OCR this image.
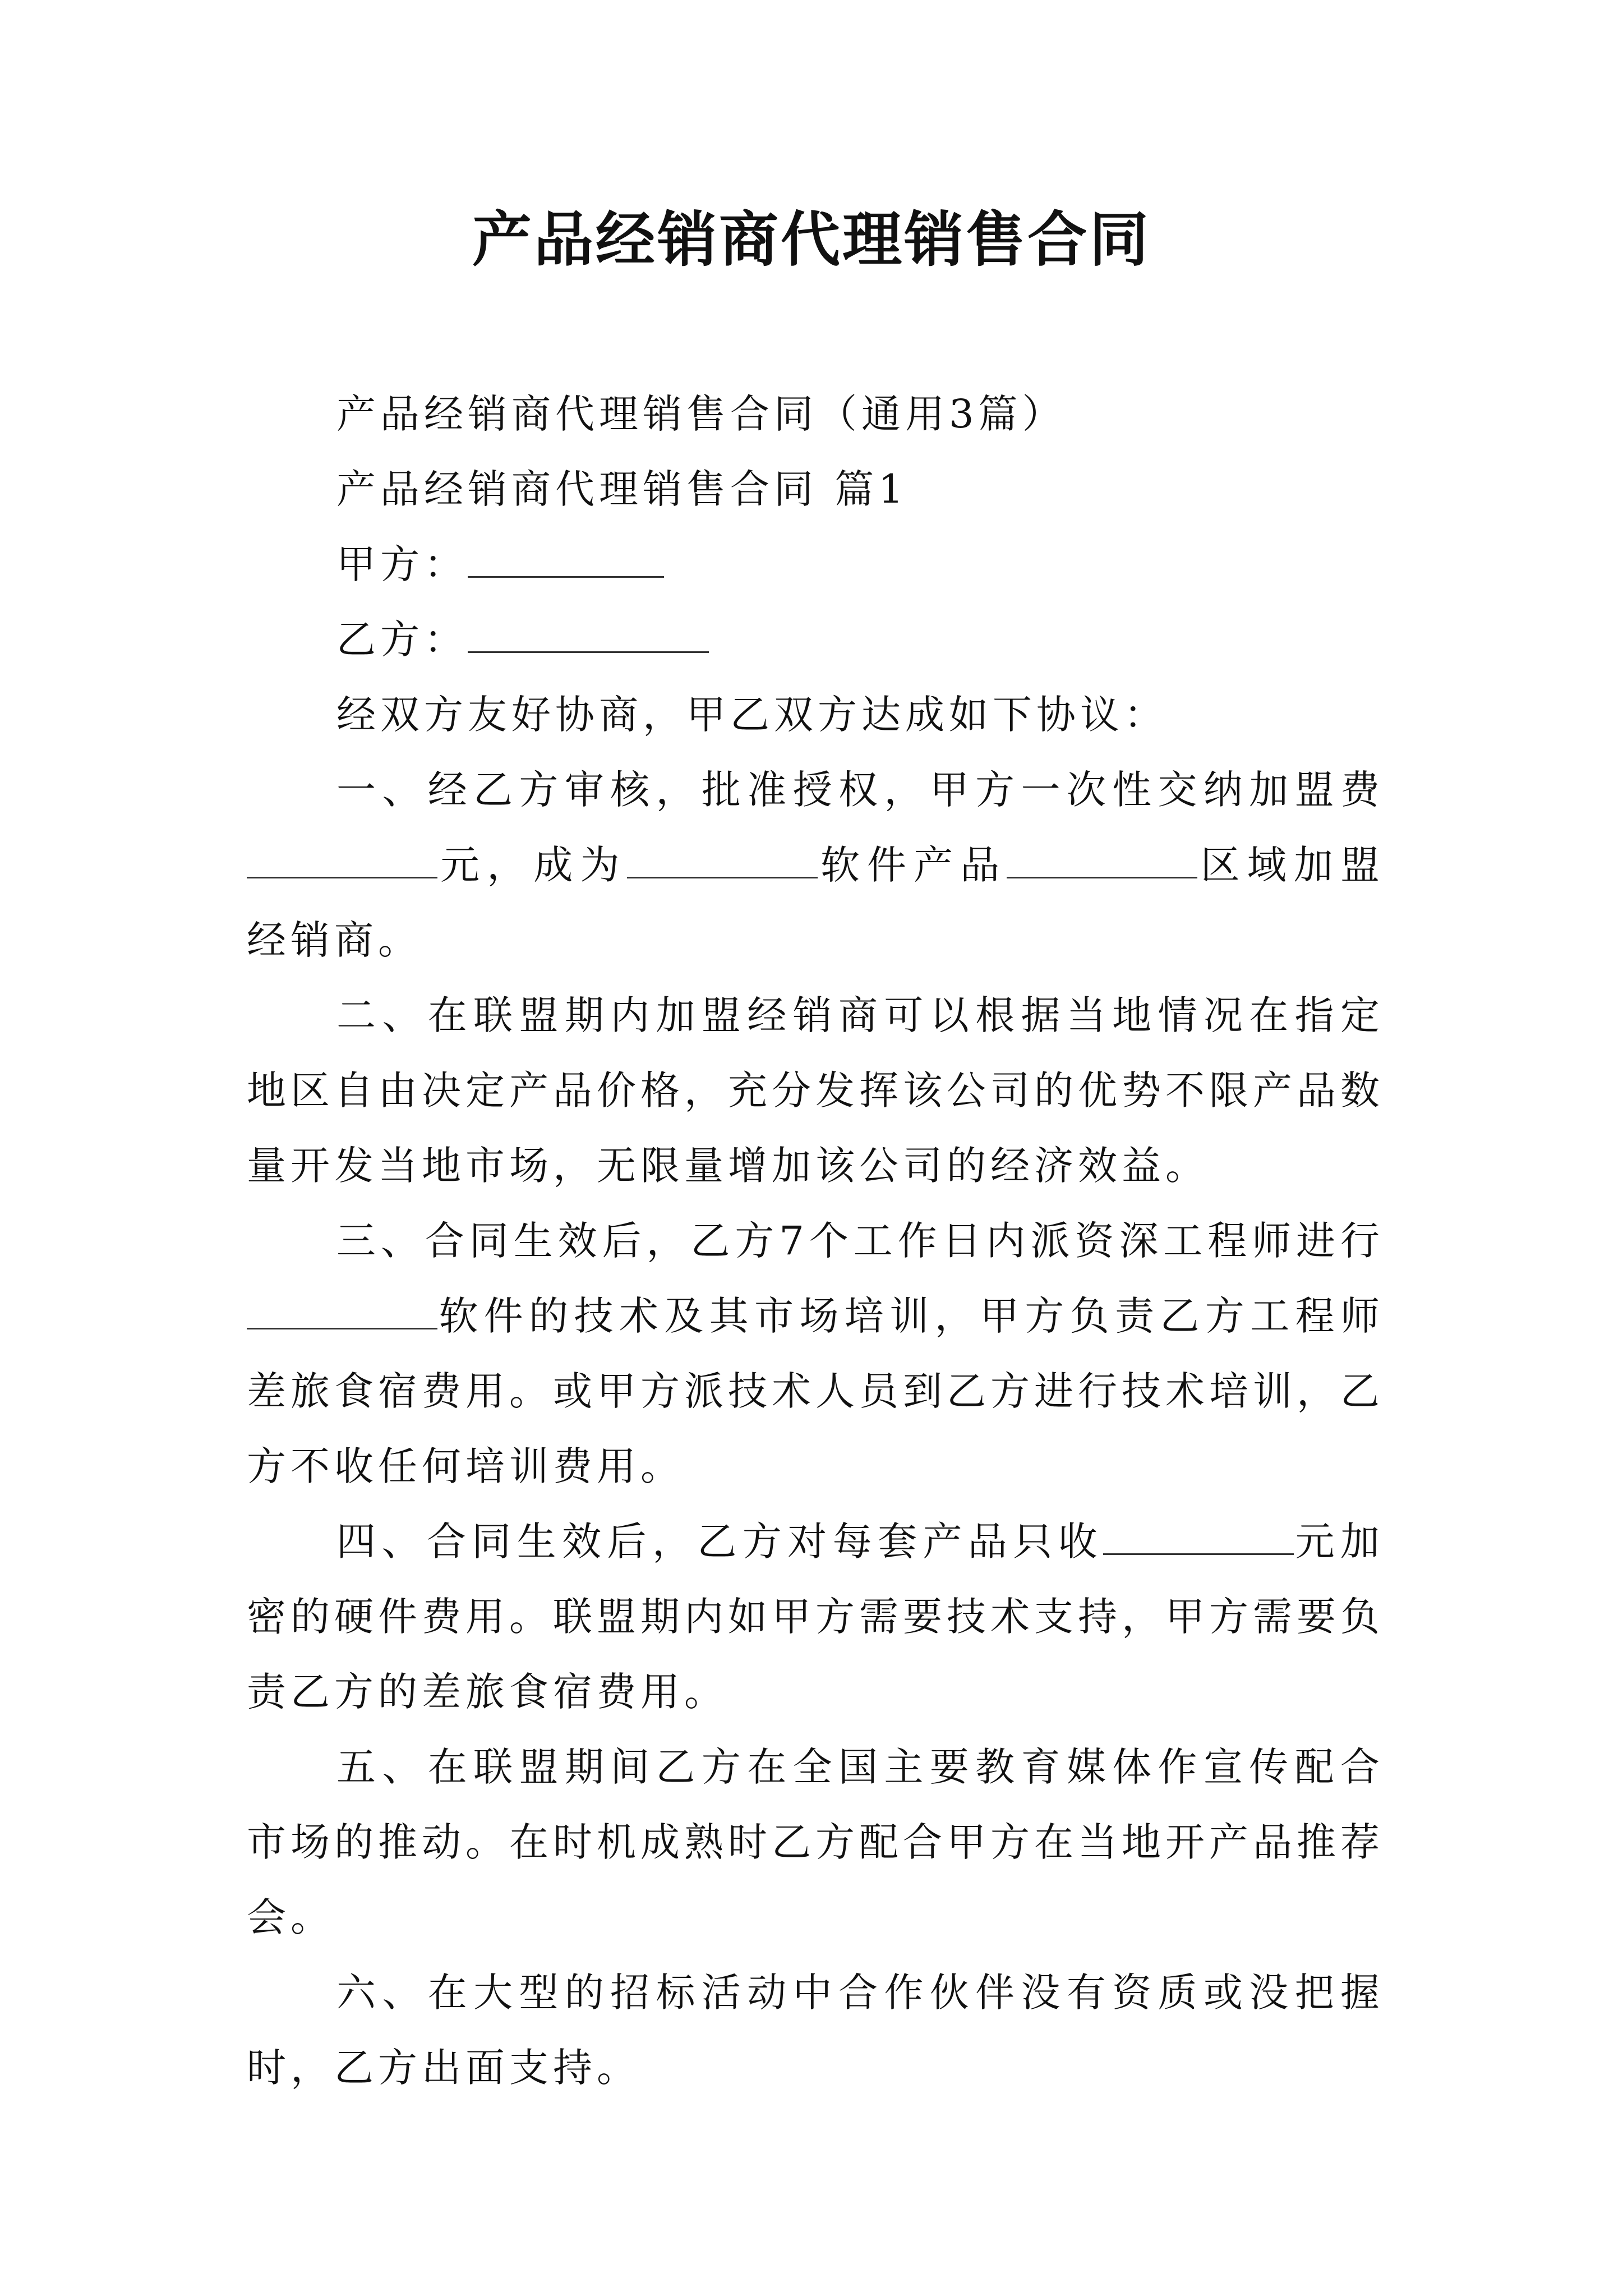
产品经销商代理销售合同

产品经销商代理销售合同（通用3篇）

产品经销商代理销售合同 篇1

甲方：

乙方：

经双方友好协商，甲乙双方达成如下协议：

一、经乙方审核，批准授权，甲方一次性交纳加盟费元，成为	软件产品	区域加盟经销商。

二、在联盟期内加盟经销商可以根据当地情况在指定地区自由决定产品价格，充分发挥该公司的优势不限产品数量开发当地市场，无限量增加该公司的经济效益。

三、合同生效后，乙方7个工作日内派资深工程师进行软件的技术及其市场培训，甲方负责乙方工程师差旅食宿费用。或甲方派技术人员到乙方进行技术培训，乙方不收任何培训费用。

四、合同生效后，乙方对每套产品只收	元加密的硬件费用。联盟期内如甲方需要技术支持，甲方需要负责乙方的差旅食宿费用。

五、在联盟期间乙方在全国主要教育媒体作宣传配合市场的推动。在时机成熟时乙方配合甲方在当地开产品推荐会。

六、在大型的招标活动中合作伙伴没有资质或没把握时，乙方出面支持。
